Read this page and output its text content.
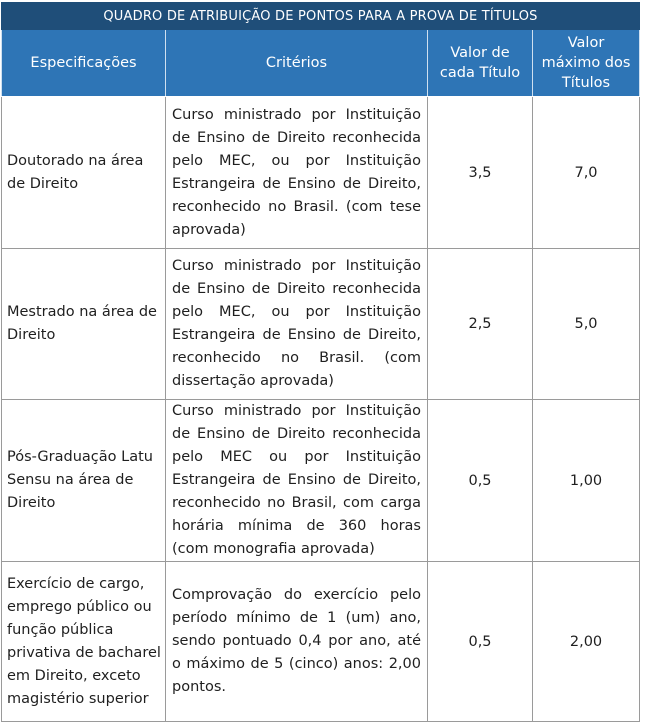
QUADRO DE ATRIBUIÇÃO DE PONTOS PARA A PROVA DE TÍTULOS			
Especificações	Critérios	Valor de cada Título	Valor máximo dos Títulos
Doutorado na área de Direito	Curso ministrado por Instituição de Ensino de Direito reconhecida pelo MEC, ou por Instituição Estrangeira de Ensino de Direito, reconhecido no Brasil. (com tese aprovada)	3,5	7,0
Mestrado na área de Direito	Curso ministrado por Instituição de Ensino de Direito reconhecida pelo MEC, ou por Instituição Estrangeira de Ensino de Direito, reconhecido no Brasil. (com dissertação aprovada)	2,5	5,0
Pós-Graduação Latu Sensu na área de Direito	Curso ministrado por Instituição de Ensino de Direito reconhecida pelo MEC ou por Instituição Estrangeira de Ensino de Direito, reconhecido no Brasil, com carga horária mínima de 360 horas (com monografia aprovada)	0,5	1,00
Exercício de cargo, emprego público ou função pública privativa de bacharel em Direito, exceto magistério superior	Comprovação do exercício pelo período mínimo de 1 (um) ano, sendo pontuado 0,4 por ano, até o máximo de 5 (cinco) anos: 2,00 pontos.	0,5	2,00
